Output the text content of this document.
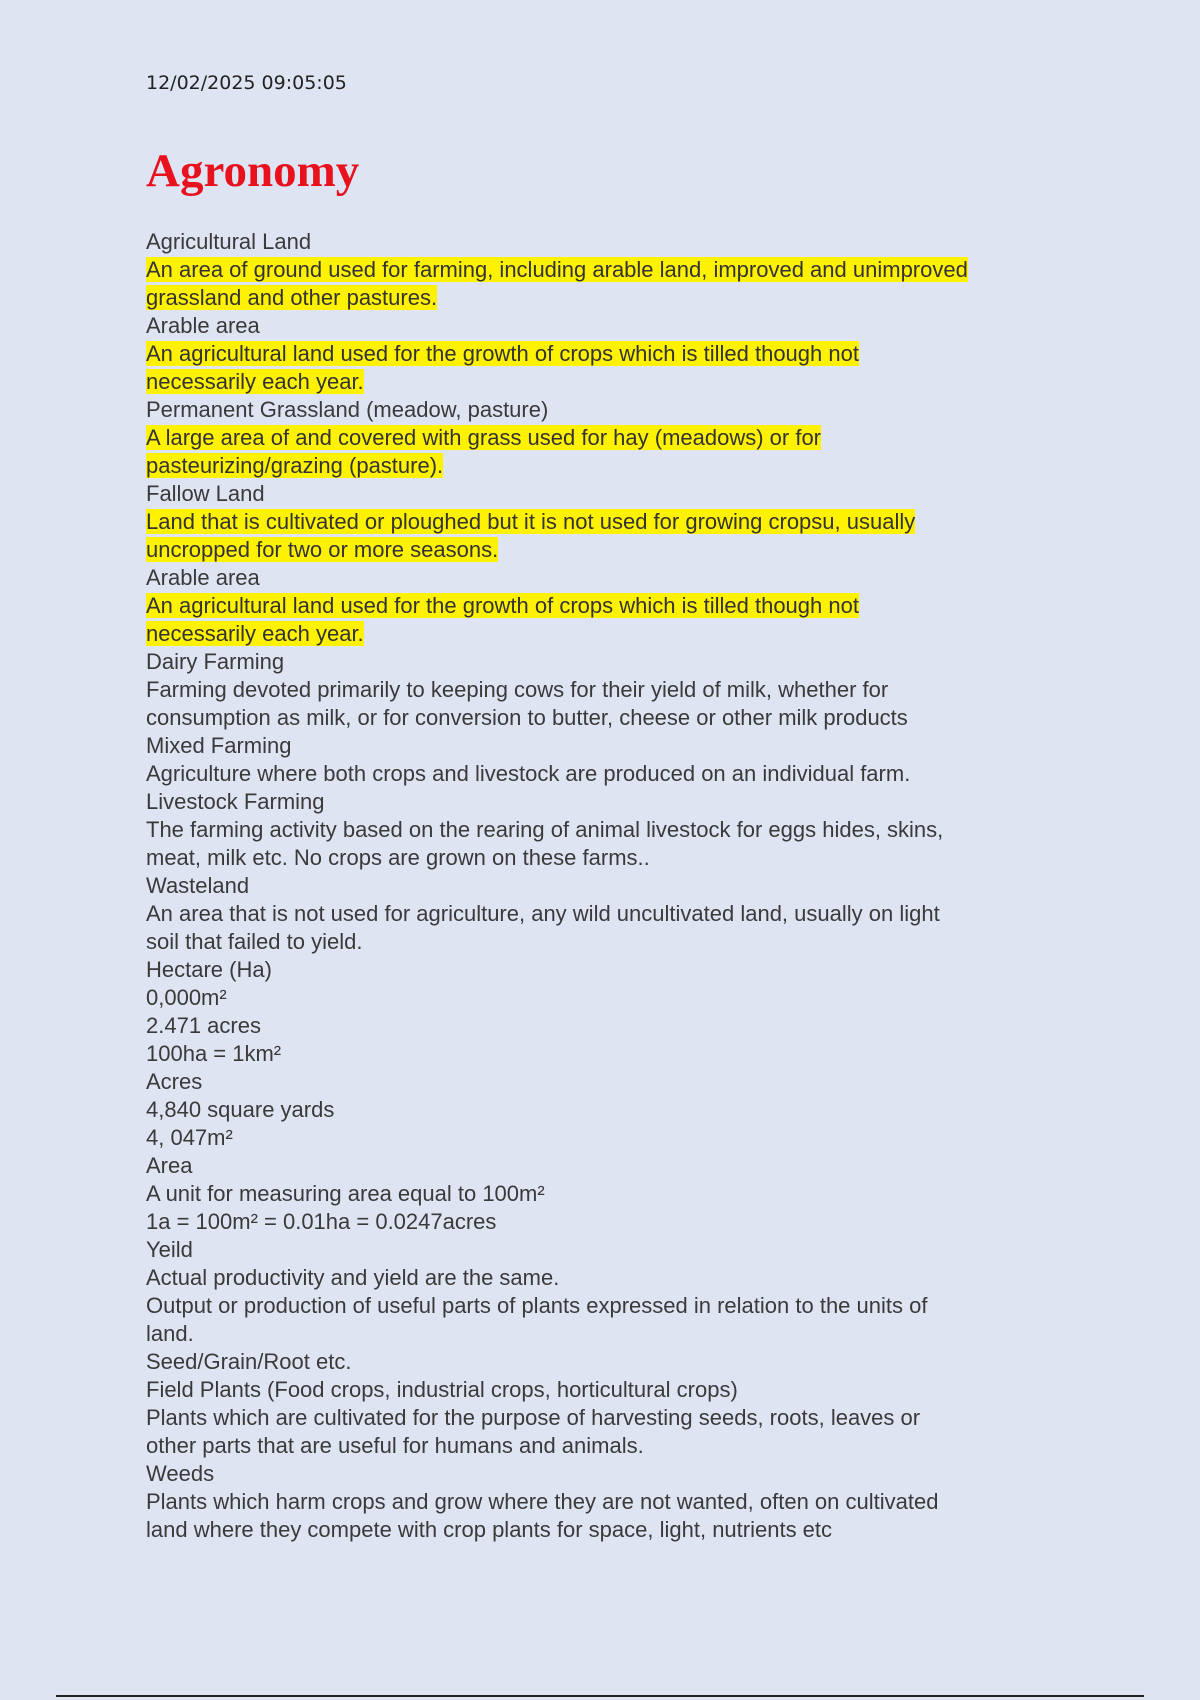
12/02/2025 09:05:05
Agronomy
Agricultural Land
An area of ground used for farming, including arable land, improved and unimproved
grassland and other pastures.
Arable area
An agricultural land used for the growth of crops which is tilled though not
necessarily each year.
Permanent Grassland (meadow, pasture)
A large area of and covered with grass used for hay (meadows) or for
pasteurizing/grazing (pasture).
Fallow Land
Land that is cultivated or ploughed but it is not used for growing cropsu, usually
uncropped for two or more seasons.
Arable area
An agricultural land used for the growth of crops which is tilled though not
necessarily each year.
Dairy Farming
Farming devoted primarily to keeping cows for their yield of milk, whether for
consumption as milk, or for conversion to butter, cheese or other milk products
Mixed Farming
Agriculture where both crops and livestock are produced on an individual farm.
Livestock Farming
The farming activity based on the rearing of animal livestock for eggs hides, skins,
meat, milk etc. No crops are grown on these farms..
Wasteland
An area that is not used for agriculture, any wild uncultivated land, usually on light
soil that failed to yield.
Hectare (Ha)
0,000m²
2.471 acres
100ha = 1km²
Acres
4,840 square yards
4, 047m²
Area
A unit for measuring area equal to 100m²
1a = 100m² = 0.01ha = 0.0247acres
Yeild
Actual productivity and yield are the same.
Output or production of useful parts of plants expressed in relation to the units of
land.
Seed/Grain/Root etc.
Field Plants (Food crops, industrial crops, horticultural crops)
Plants which are cultivated for the purpose of harvesting seeds, roots, leaves or
other parts that are useful for humans and animals.
Weeds
Plants which harm crops and grow where they are not wanted, often on cultivated
land where they compete with crop plants for space, light, nutrients etc
